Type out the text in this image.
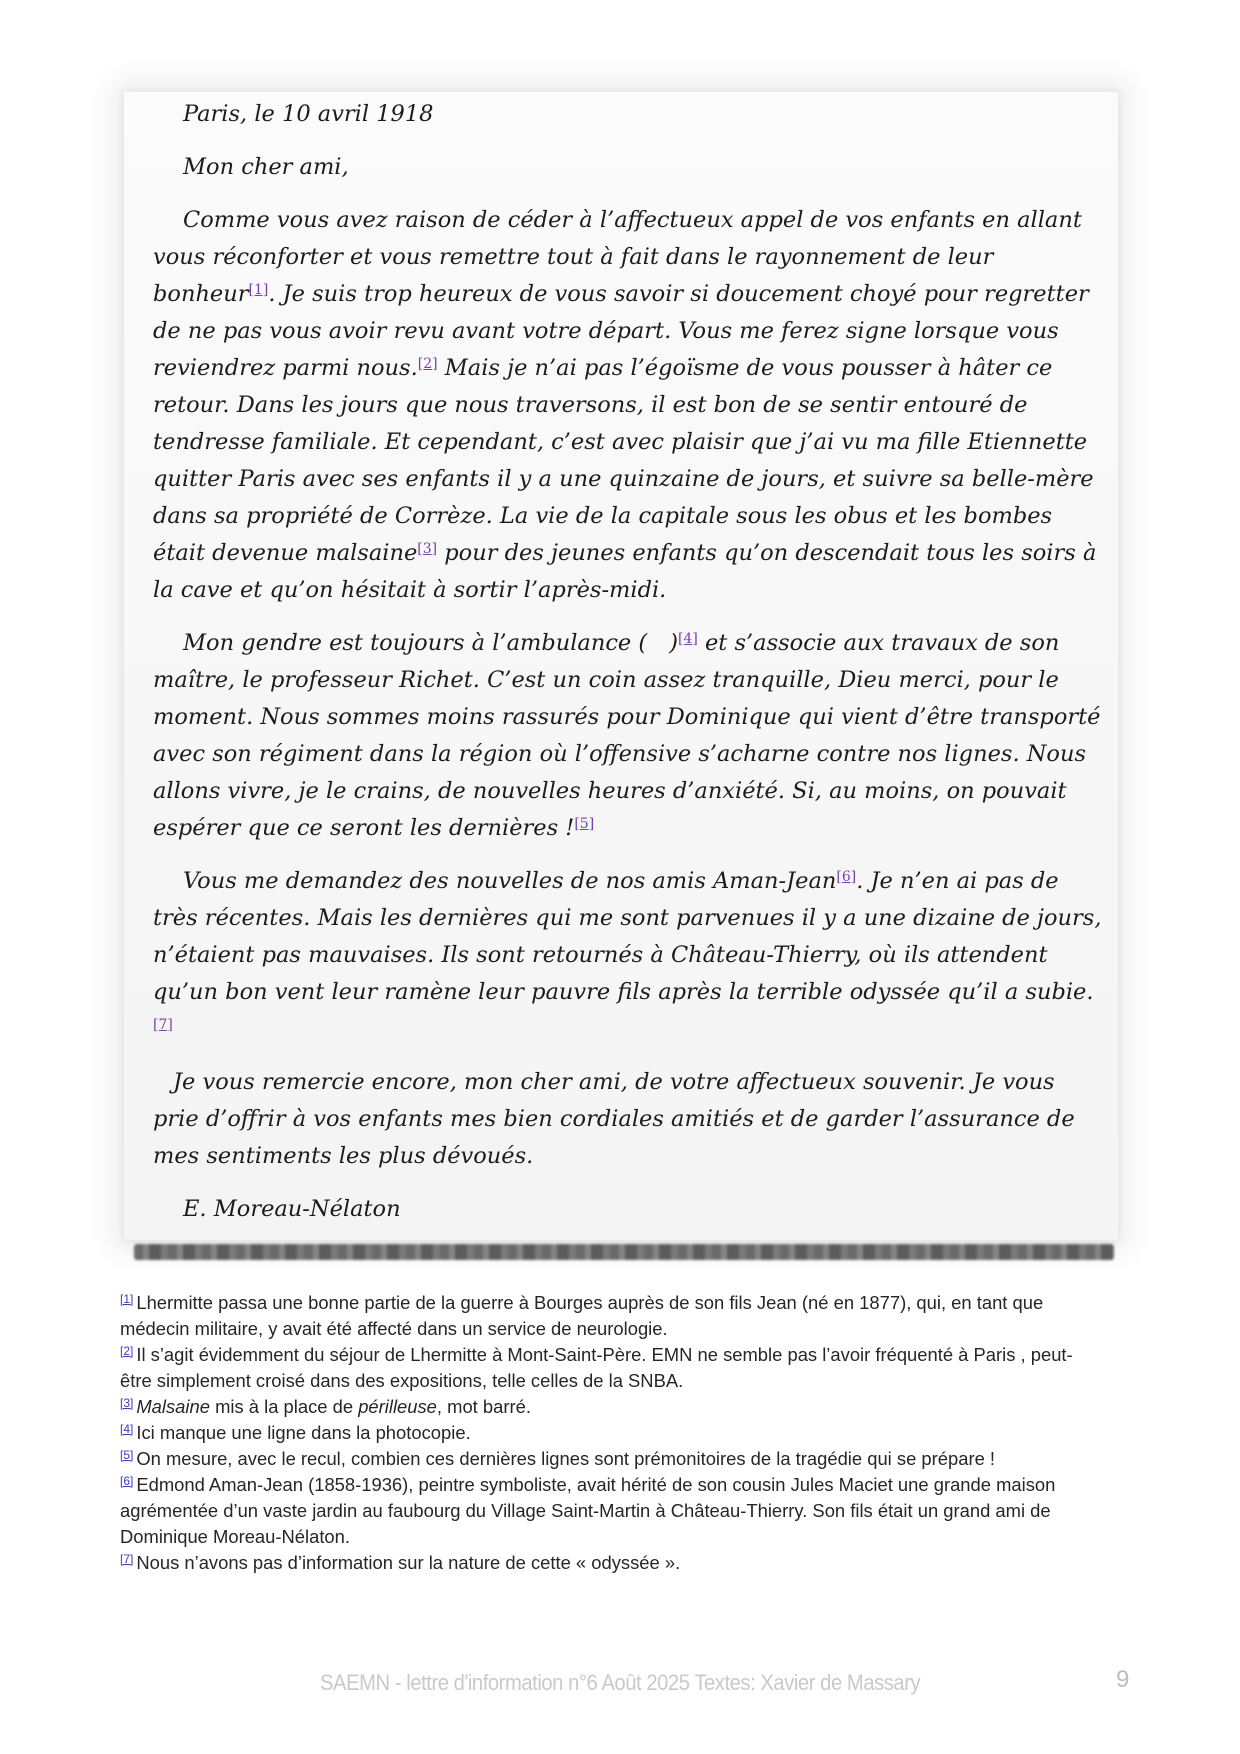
Paris, le 10 avril 1918

Mon cher ami,

Comme vous avez raison de céder à l’affectueux appel de vos enfants en allant vous réconforter et vous remettre tout à fait dans le rayonnement de leur bonheur[1]. Je suis trop heureux de vous savoir si doucement choyé pour regretter de ne pas vous avoir revu avant votre départ. Vous me ferez signe lorsque vous reviendrez parmi nous.[2] Mais je n’ai pas l’égoïsme de vous pousser à hâter ce retour. Dans les jours que nous traversons, il est bon de se sentir entouré de tendresse familiale. Et cependant, c’est avec plaisir que j’ai vu ma fille Etiennette quitter Paris avec ses enfants il y a une quinzaine de jours, et suivre sa belle-mère dans sa propriété de Corrèze. La vie de la capitale sous les obus et les bombes était devenue malsaine[3] pour des jeunes enfants qu’on descendait tous les soirs à la cave et qu’on hésitait à sortir l’après-midi.

Mon gendre est toujours à l’ambulance ( )[4] et s’associe aux travaux de son maître, le professeur Richet. C’est un coin assez tranquille, Dieu merci, pour le moment. Nous sommes moins rassurés pour Dominique qui vient d’être transporté avec son régiment dans la région où l’offensive s’acharne contre nos lignes. Nous allons vivre, je le crains, de nouvelles heures d’anxiété. Si, au moins, on pouvait espérer que ce seront les dernières ![5]

Vous me demandez des nouvelles de nos amis Aman-Jean[6]. Je n’en ai pas de très récentes. Mais les dernières qui me sont parvenues il y a une dizaine de jours, n’étaient pas mauvaises. Ils sont retournés à Château-Thierry, où ils attendent qu’un bon vent leur ramène leur pauvre fils après la terrible odyssée qu’il a subie.[7]

Je vous remercie encore, mon cher ami, de votre affectueux souvenir. Je vous prie d’offrir à vos enfants mes bien cordiales amitiés et de garder l’assurance de mes sentiments les plus dévoués.

E. Moreau-Nélaton

[1] Lhermitte passa une bonne partie de la guerre à Bourges auprès de son fils Jean (né en 1877), qui, en tant que médecin militaire, y avait été affecté dans un service de neurologie.

[2] Il s’agit évidemment du séjour de Lhermitte à Mont-Saint-Père. EMN ne semble pas l’avoir fréquenté à Paris , peut-être simplement croisé dans des expositions, telle celles de la SNBA.

[3] Malsaine mis à la place de périlleuse, mot barré.

[4] Ici manque une ligne dans la photocopie.

[5] On mesure, avec le recul, combien ces dernières lignes sont prémonitoires de la tragédie qui se prépare !

[6] Edmond Aman-Jean (1858-1936), peintre symboliste, avait hérité de son cousin Jules Maciet une grande maison agrémentée d’un vaste jardin au faubourg du Village Saint-Martin à Château-Thierry. Son fils était un grand ami de Dominique Moreau-Nélaton.

[7] Nous n’avons pas d’information sur la nature de cette « odyssée ».

SAEMN - lettre d'information n°6 Août 2025 Textes: Xavier de Massary	9
